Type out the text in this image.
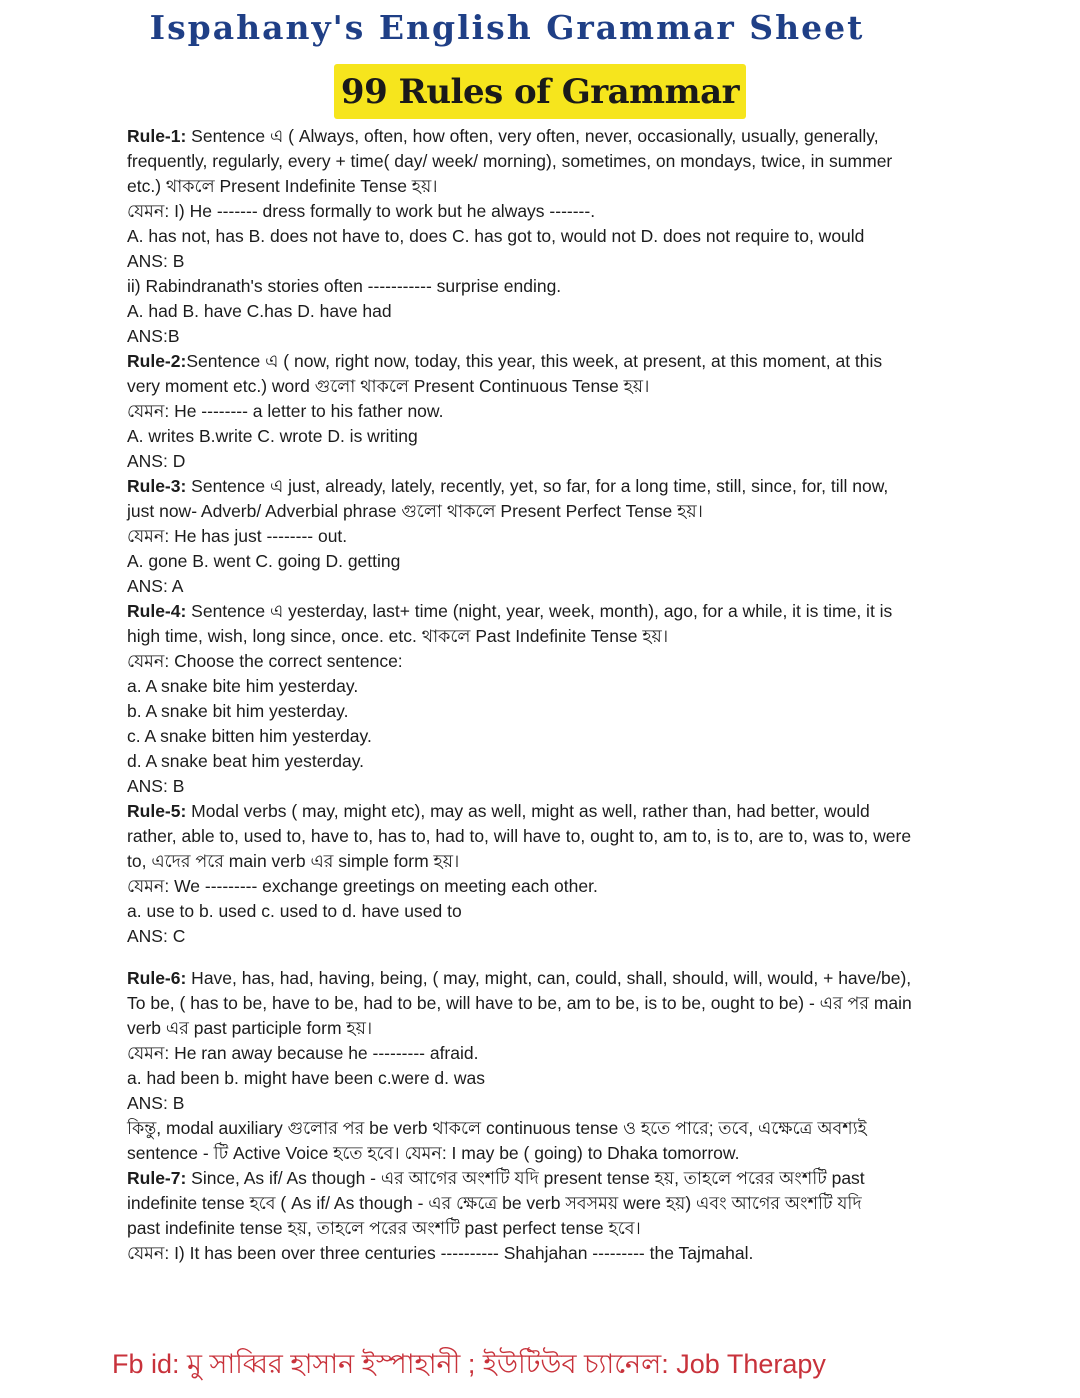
Ispahany's English Grammar Sheet
99 Rules of Grammar
Rule-1: Sentence এ ( Always, often, how often, very often, never, occasionally, usually, generally,
frequently, regularly, every + time( day/ week/ morning), sometimes, on mondays, twice, in summer
etc.) থাকলে Present Indefinite Tense হয়।
যেমন: I) He ------- dress formally to work but he always -------.
A. has not, has B. does not have to, does C. has got to, would not D. does not require to, would
ANS: B
ii) Rabindranath's stories often ----------- surprise ending.
A. had B. have C.has D. have had
ANS:B
Rule-2:Sentence এ ( now, right now, today, this year, this week, at present, at this moment, at this
very moment etc.) word গুলো থাকলে Present Continuous Tense হয়।
যেমন: He -------- a letter to his father now.
A. writes B.write C. wrote D. is writing
ANS: D
Rule-3: Sentence এ just, already, lately, recently, yet, so far, for a long time, still, since, for, till now,
just now- Adverb/ Adverbial phrase গুলো থাকলে Present Perfect Tense হয়।
যেমন: He has just -------- out.
A. gone B. went C. going D. getting
ANS: A
Rule-4: Sentence এ yesterday, last+ time (night, year, week, month), ago, for a while, it is time, it is
high time, wish, long since, once. etc. থাকলে Past Indefinite Tense হয়।
যেমন: Choose the correct sentence:
a. A snake bite him yesterday.
b. A snake bit him yesterday.
c. A snake bitten him yesterday.
d. A snake beat him yesterday.
ANS: B
Rule-5: Modal verbs ( may, might etc), may as well, might as well, rather than, had better, would
rather, able to, used to, have to, has to, had to, will have to, ought to, am to, is to, are to, was to, were
to, এদের পরে main verb এর simple form হয়।
যেমন: We --------- exchange greetings on meeting each other.
a. use to b. used c. used to d. have used to
ANS: C
Rule-6: Have, has, had, having, being, ( may, might, can, could, shall, should, will, would, + have/be),
To be, ( has to be, have to be, had to be, will have to be, am to be, is to be, ought to be) - এর পর main
verb এর past participle form হয়।
যেমন: He ran away because he --------- afraid.
a. had been b. might have been c.were d. was
ANS: B
কিন্তু, modal auxiliary গুলোর পর be verb থাকলে continuous tense ও হতে পারে; তবে, এক্ষেত্রে অবশ্যই
sentence - টি Active Voice হতে হবে। যেমন: I may be ( going) to Dhaka tomorrow.
Rule-7: Since, As if/ As though - এর আগের অংশটি যদি present tense হয়, তাহলে পরের অংশটি past
indefinite tense হবে ( As if/ As though - এর ক্ষেত্রে be verb সবসময় were হয়) এবং আগের অংশটি যদি
past indefinite tense হয়, তাহলে পরের অংশটি past perfect tense হবে।
যেমন: I) It has been over three centuries ---------- Shahjahan --------- the Tajmahal.
Fb id: মু সাব্বির হাসান ইস্পাহানী ; ইউটিউব চ্যানেল: Job Therapy
